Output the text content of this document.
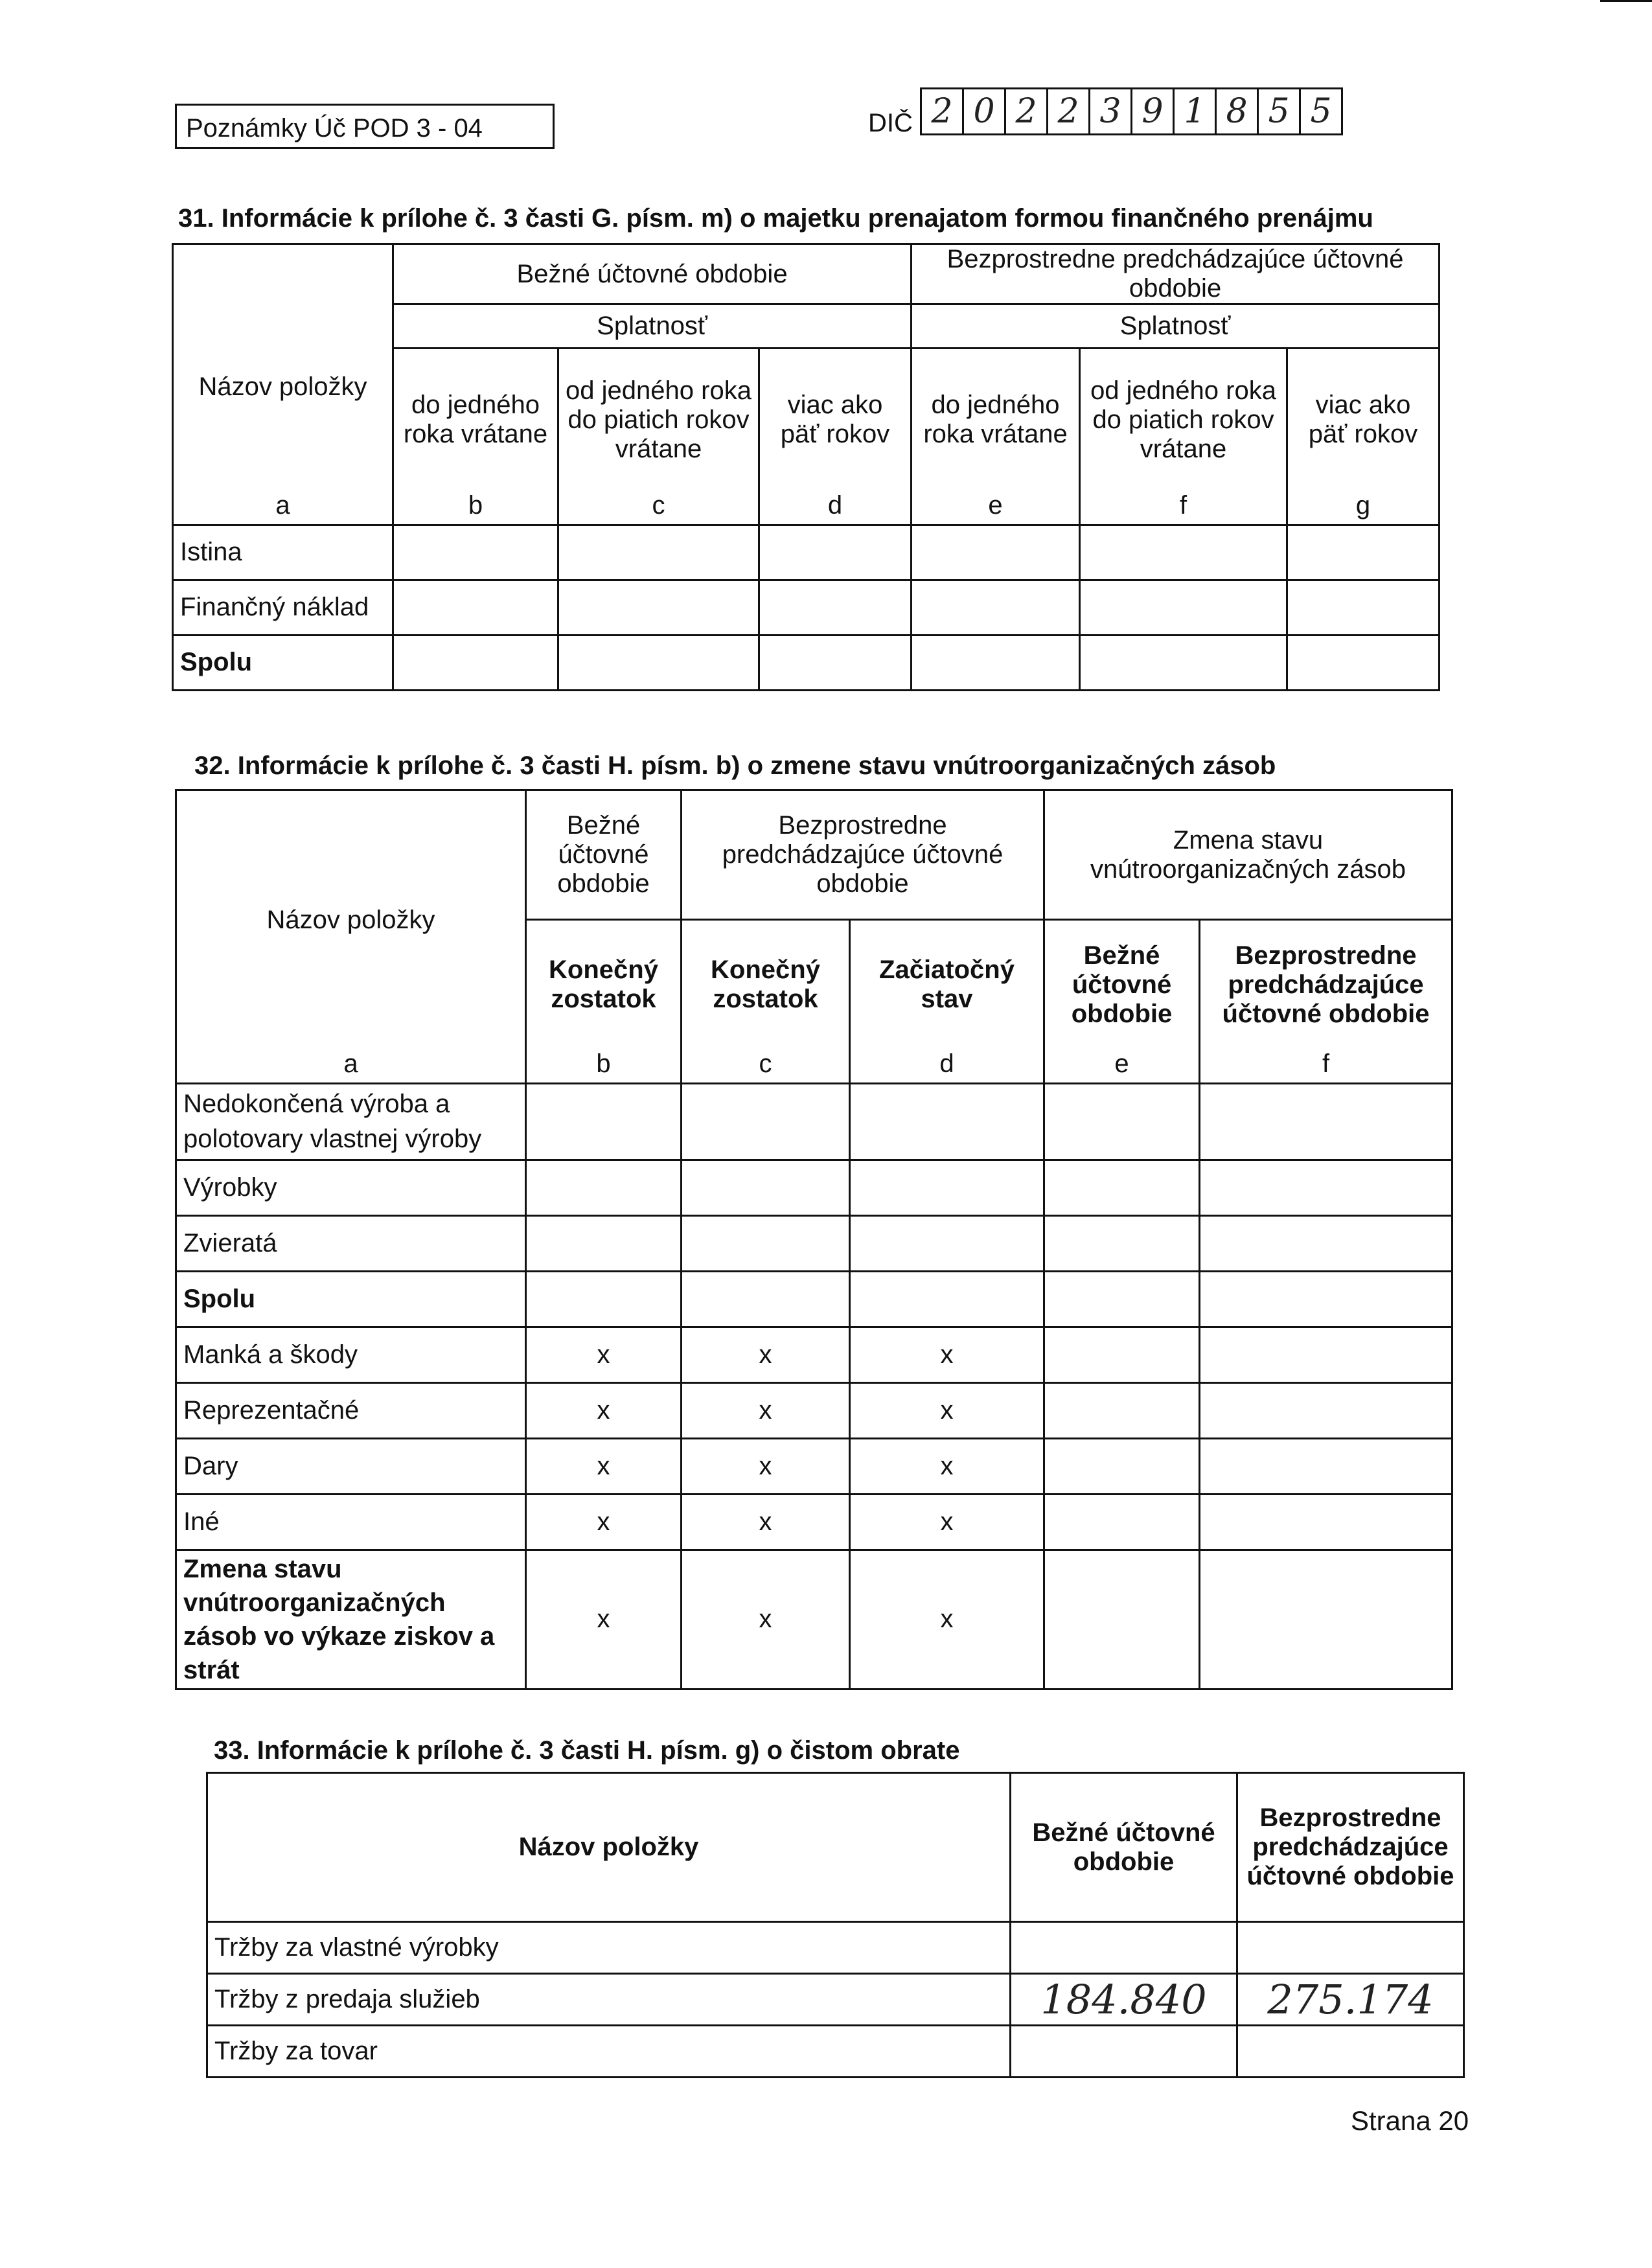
Poznámky Úč POD 3 - 04	DIČ 2 0 2 2 3 9 1 8 5 5
31. Informácie k prílohe č. 3 časti G. písm. m) o majetku prenajatom formou finančného prenájmu
Názov položky	Bežné účtovné obdobie			Bezprostredne predchádzajúce účtovné obdobie		
	Splatnosť			Splatnosť		
	do jedného roka vrátane	od jedného roka do piatich rokov vrátane	viac ako päť rokov	do jedného roka vrátane	od jedného roka do piatich rokov vrátane	viac ako päť rokov

a	b	c	d	e	f	g
Istina						
Finančný náklad						
Spolu						
32. Informácie k prílohe č. 3 časti H. písm. b) o zmene stavu vnútroorganizačných zásob
Názov položky	Bežné účtovné obdobie	Bezprostredne predchádzajúce účtovné obdobie		Zmena stavu vnútroorganizačných zásob	
	Konečný zostatok	Konečný zostatok	Začiatočný stav	Bežné účtovné obdobie	Bezprostredne predchádzajúce účtovné obdobie
a	b	c	d	e	f
Nedokončená výroba a polotovary vlastnej výroby					
Výrobky					
Zvieratá					
Spolu					
Manká a škody	x	x	x		
Reprezentačné	x	x	x		
Dary	x	x	x		
Iné	x	x	x		
Zmena stavu vnútroorganizačných zásob vo výkaze ziskov a strát	x	x	x		
33. Informácie k prílohe č. 3 časti H. písm. g) o čistom obrate
Názov položky	Bežné účtovné obdobie	Bezprostredne predchádzajúce účtovné obdobie
Tržby za vlastné výrobky		
Tržby z predaja služieb	184.840	275.174
Tržby za tovar		
Strana 20
